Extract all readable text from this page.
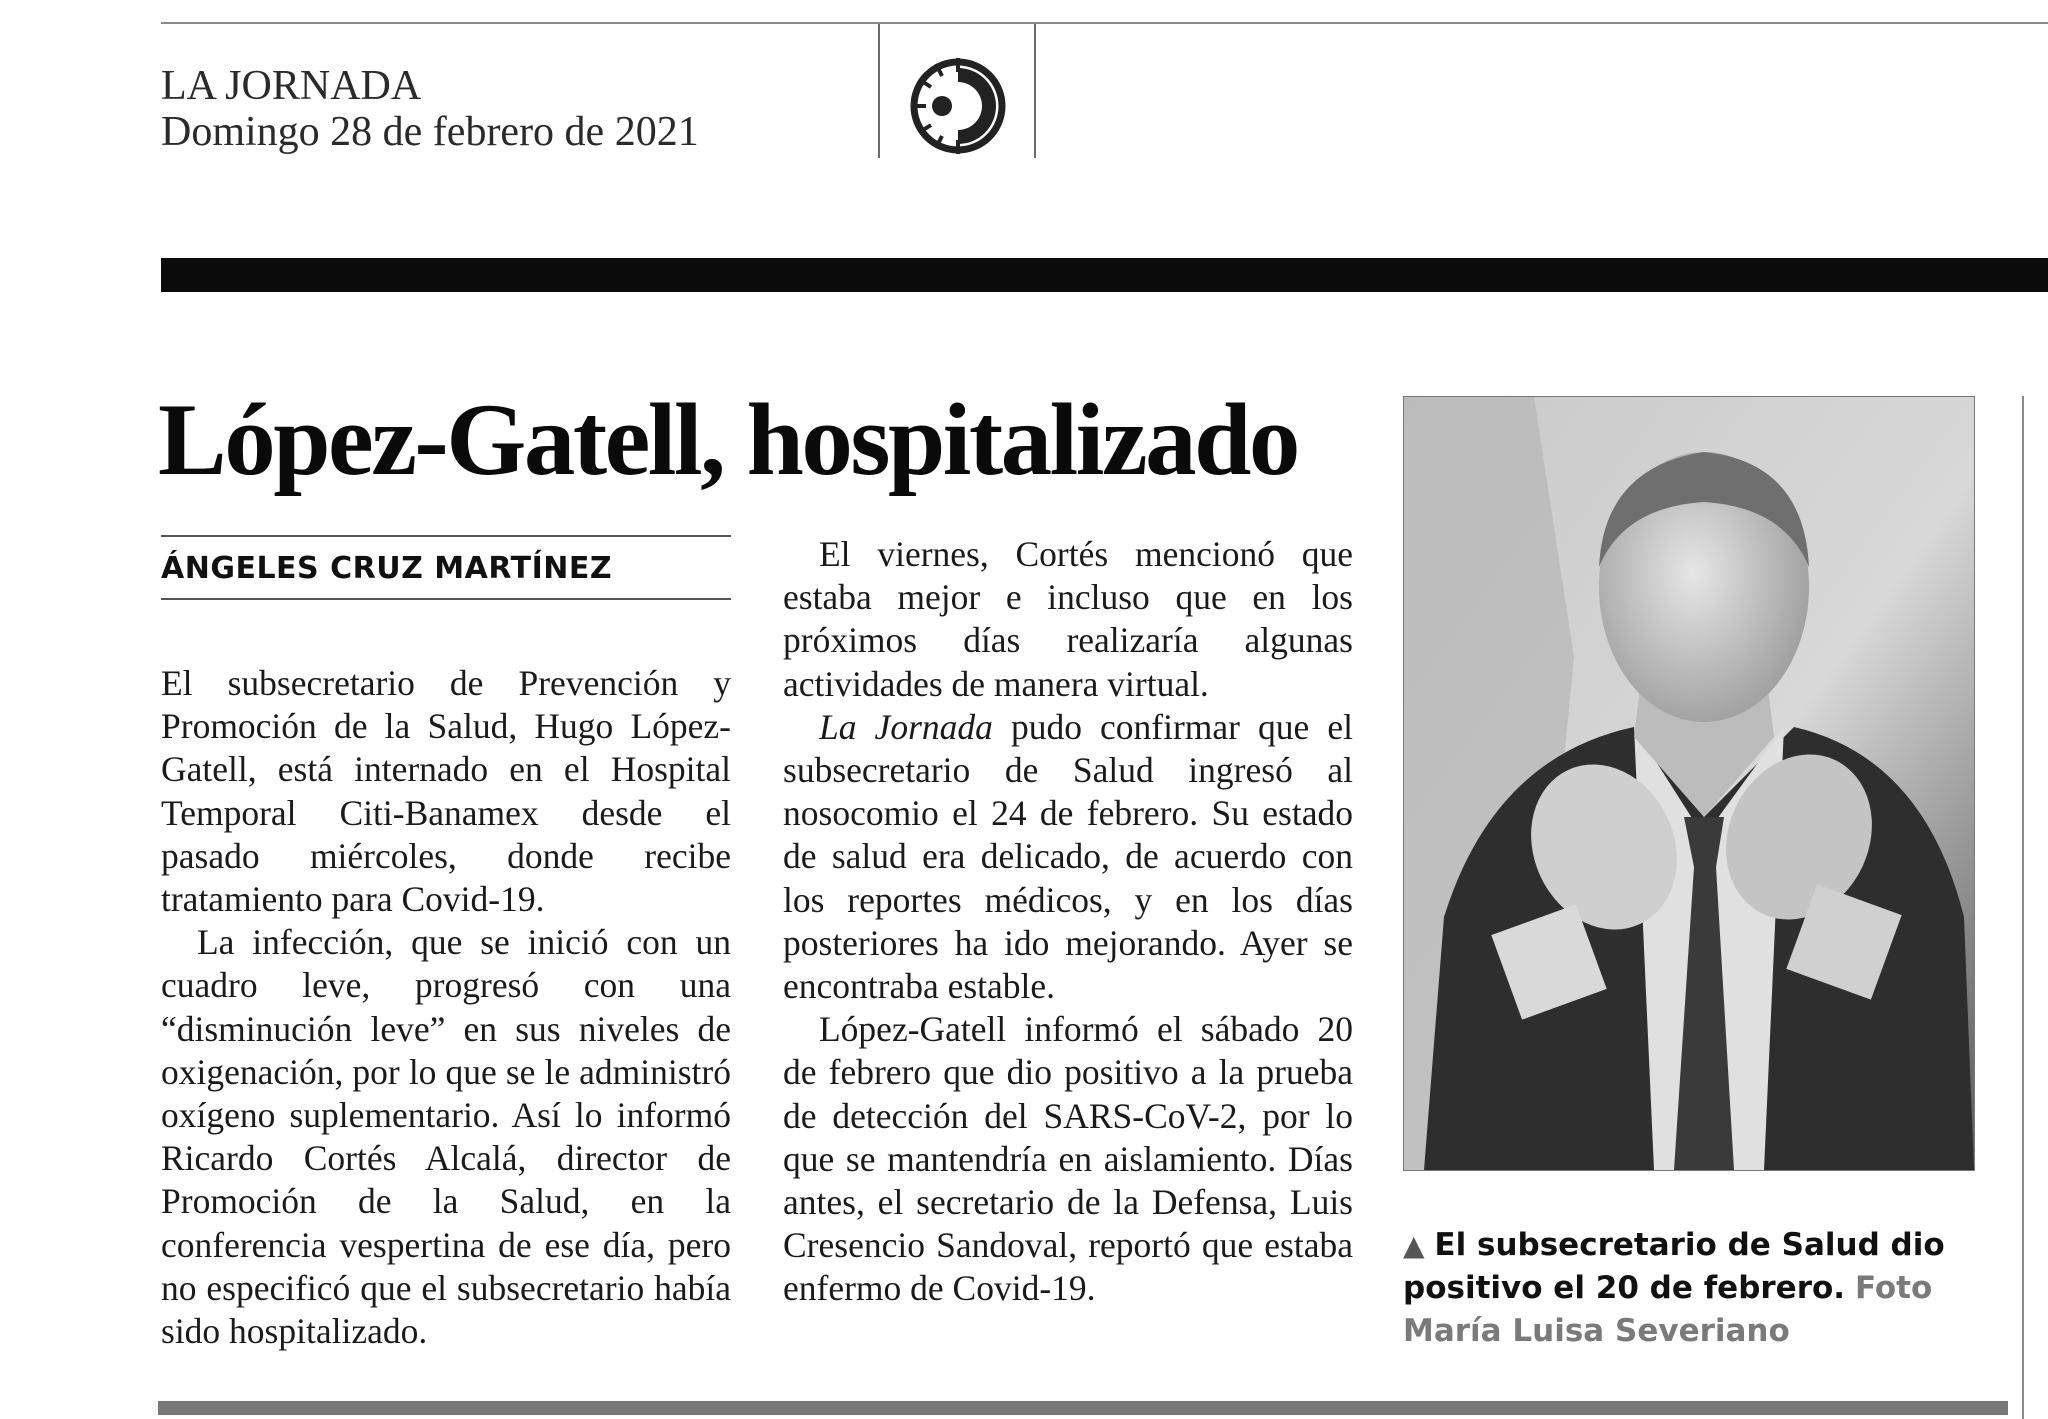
LA JORNADA
Domingo 28 de febrero de 2021
López-Gatell, hospitalizado
ÁNGELES CRUZ MARTÍNEZ

El subsecretario de Prevención y Promoción de la Salud, Hugo López-Gatell, está internado en el Hospital Temporal Citi-Banamex desde el pasado miércoles, donde recibe tratamiento para Covid-19.

La infección, que se inició con un cuadro leve, progresó con una “disminución leve” en sus niveles de oxigenación, por lo que se le administró oxígeno suplementario. Así lo informó Ricardo Cortés Alcalá, director de Promoción de la Salud, en la conferencia vespertina de ese día, pero no especificó que el subsecretario había sido hospitalizado.

El viernes, Cortés mencionó que estaba mejor e incluso que en los próximos días realizaría algunas actividades de manera virtual.

La Jornada pudo confirmar que el subsecretario de Salud ingresó al nosocomio el 24 de febrero. Su estado de salud era delicado, de acuerdo con los reportes médicos, y en los días posteriores ha ido mejorando. Ayer se encontraba estable.

López-Gatell informó el sábado 20 de febrero que dio positivo a la prueba de detección del SARS-CoV-2, por lo que se mantendría en aislamiento. Días antes, el secretario de la Defensa, Luis Cresencio Sandoval, reportó que estaba enfermo de Covid-19.

▲ El subsecretario de Salud dio positivo el 20 de febrero. Foto María Luisa Severiano
